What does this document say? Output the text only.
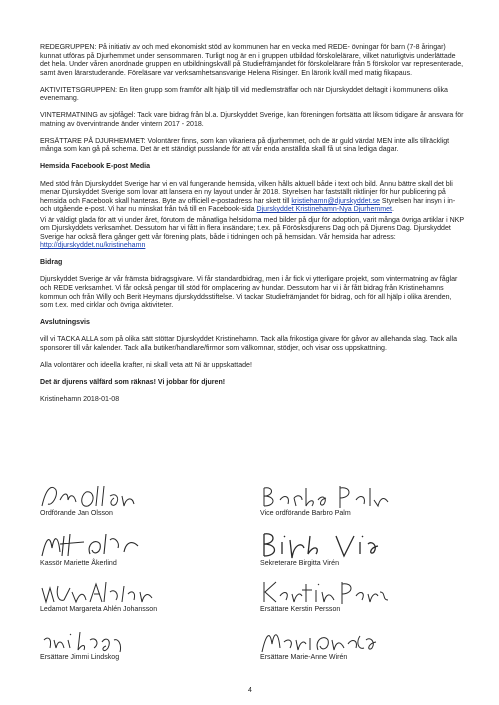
REDEGRUPPEN: På initiativ av och med ekonomiskt stöd av kommunen har en vecka med REDE- övningar för barn (7-8 åringar) kunnat utföras på Djurhemmet under sensommaren. Turligt nog är en i gruppen utbildad förskolelärare, vilket naturligtvis underlättade det hela. Under våren anordnade gruppen en utbildningskväll på Studiefrämjandet för förskolelärare från 5 förskolor var representerade, samt även lärarstuderande. Föreläsare var verksamhetsansvarige Helena Risinger. En lärorik kväll med matig fikapaus.

AKTIVITETSGRUPPEN: En liten grupp som framför allt hjälp till vid medlemsträffar och när Djurskyddet deltagit i kommunens olika evenemang.

VINTERMATNING av sjöfågel: Tack vare bidrag från bl.a. Djurskyddet Sverige, kan föreningen fortsätta att liksom tidigare år ansvara för matning av övervintrande änder vintern 2017 - 2018.

ERSÄTTARE PÅ DJURHEMMET: Volontärer finns, som kan vikariera på djurhemmet, och de är guld värda! MEN inte alls tillräckligt många som kan gå på schema. Det är ett ständigt pusslande för att vår enda anställda skall få ut sina lediga dagar.

Hemsida Facebook E-post Media

Med stöd från Djurskyddet Sverige har vi en väl fungerande hemsida, vilken hålls aktuell både i text och bild. Ännu bättre skall det bli menar Djurskyddet Sverige som lovar att lansera en ny layout under år 2018. Styrelsen har fastställt riktlinjer för hur publicering på hemsida och Facebook skall hanteras. Byte av officiell e-postadress har skett till kristiehamn@djurskyddet.se Styrelsen har insyn i in- och utgående e-post. Vi har nu minskat från två till en Facebook-sida Djurskyddet Kristinehamn-Nya Djurhemmet.

Vi är väldigt glada för att vi under året, förutom de månatliga helsidorna med bilder på djur för adoption, varit många övriga artiklar i NKP om Djurskyddets verksamhet. Dessutom har vi fått in flera insändare; t.ex. på Förösksdjurens Dag och på Djurens Dag. Djurskyddet Sverige har också flera gånger gett vår förening plats, både i tidningen och på hemsidan. Vår hemsida har adress: http://djurskyddet.nu/kristinehamn

Bidrag

Djurskyddet Sverige är vår främsta bidragsgivare. Vi får standardbidrag, men i år fick vi ytterligare projekt, som vintermatning av fåglar och REDE verksamhet. Vi får också pengar till stöd för omplacering av hundar. Dessutom har vi i år fått bidrag från Kristinehamns kommun och från Willy och Berit Heymans djurskyddsstiftelse. Vi tackar Studiefrämjandet för bidrag, och för all hjälp i olika ärenden, som t.ex. med cirklar och övriga aktiviteter.

Avslutningsvis

vill vi TACKA ALLA som på olika sätt stöttar Djurskyddet Kristinehamn. Tack alla frikostiga givare för gåvor av allehanda slag. Tack alla sponsorer till vår kalender. Tack alla butiker/handlare/firmor som välkomnar, stödjer, och visar oss uppskattning.

Alla volontärer och ideella krafter, ni skall veta att Ni är uppskattade!

Det är djurens välfärd som räknas! Vi jobbar för djuren!

Kristinehamn 2018-01-08

Ordförande Jan Olsson
Kassör Mariette Åkerlind
Ledamot Margareta Ahlén Johansson
Ersättare Jimmi Lindskog
Vice ordförande Barbro Palm
Sekreterare Birgitta Virén
Ersättare Kerstin Persson
Ersättare Marie-Anne Wirén
4
